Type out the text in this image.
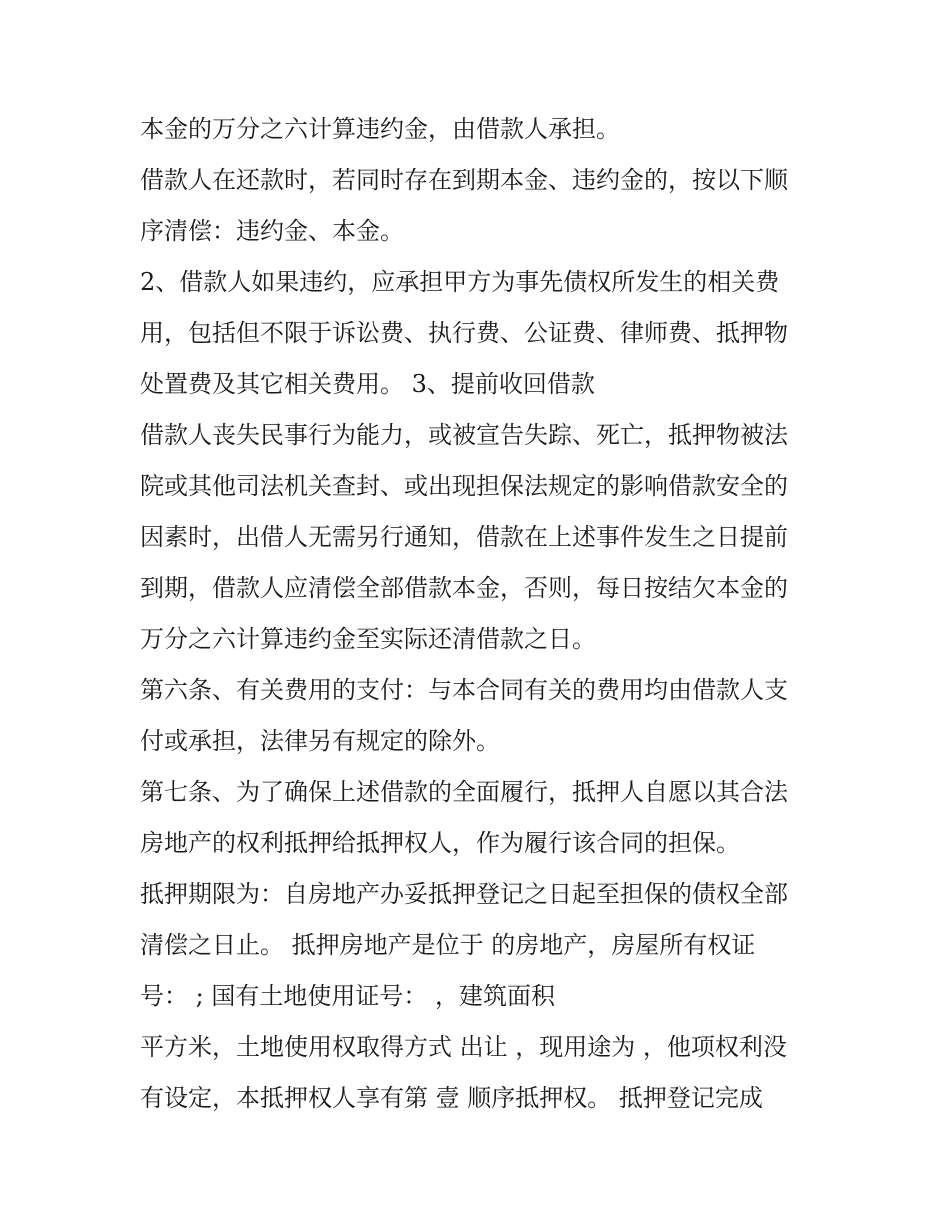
本金的万分之六计算违约金，由借款人承担。
借款人在还款时，若同时存在到期本金、违约金的，按以下顺
序清偿：违约金、本金。
2、借款人如果违约，应承担甲方为事先债权所发生的相关费
用，包括但不限于诉讼费、执行费、公证费、律师费、抵押物
处置费及其它相关费用。 3、提前收回借款
借款人丧失民事行为能力，或被宣告失踪、死亡，抵押物被法
院或其他司法机关查封、或出现担保法规定的影响借款安全的
因素时，出借人无需另行通知，借款在上述事件发生之日提前
到期，借款人应清偿全部借款本金，否则，每日按结欠本金的
万分之六计算违约金至实际还清借款之日。
第六条、有关费用的支付：与本合同有关的费用均由借款人支
付或承担，法律另有规定的除外。
第七条、为了确保上述借款的全面履行，抵押人自愿以其合法
房地产的权利抵押给抵押权人，作为履行该合同的担保。
抵押期限为：自房地产办妥抵押登记之日起至担保的债权全部
清偿之日止。 抵押房地产是位于 的房地产，房屋所有权证
号： ; 国有土地使用证号： ，建筑面积
平方米，土地使用权取得方式 出让 ，现用途为 ，他项权利没
有设定，本抵押权人享有第 壹 顺序抵押权。 抵押登记完成
